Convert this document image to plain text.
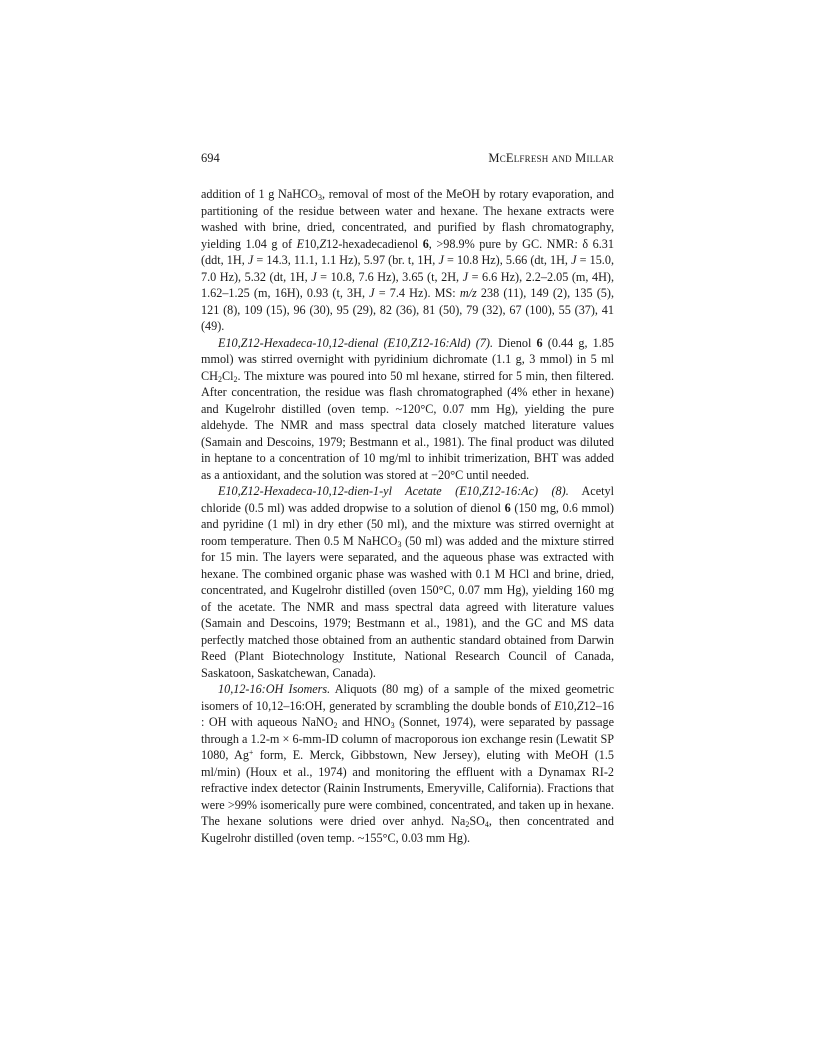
694	McElfresh and Millar

addition of 1 g NaHCO$_3$, removal of most of the MeOH by rotary evaporation, and partitioning of the residue between water and hexane. The hexane extracts were washed with brine, dried, concentrated, and purified by flash chromatography, yielding 1.04 g of E10,Z12-hexadecadienol 6, >98.9% pure by GC. NMR: δ 6.31 (ddt, 1H, J = 14.3, 11.1, 1.1 Hz), 5.97 (br. t, 1H, J = 10.8 Hz), 5.66 (dt, 1H, J = 15.0, 7.0 Hz), 5.32 (dt, 1H, J = 10.8, 7.6 Hz), 3.65 (t, 2H, J = 6.6 Hz), 2.2–2.05 (m, 4H), 1.62–1.25 (m, 16H), 0.93 (t, 3H, J = 7.4 Hz). MS: m/z 238 (11), 149 (2), 135 (5), 121 (8), 109 (15), 96 (30), 95 (29), 82 (36), 81 (50), 79 (32), 67 (100), 55 (37), 41 (49).

E10,Z12-Hexadeca-10,12-dienal (E10,Z12-16:Ald) (7). Dienol 6 (0.44 g, 1.85 mmol) was stirred overnight with pyridinium dichromate (1.1 g, 3 mmol) in 5 ml $CH_2Cl_2$. The mixture was poured into 50 ml hexane, stirred for 5 min, then filtered. After concentration, the residue was flash chromatographed (4% ether in hexane) and Kugelrohr distilled (oven temp. ~120°C, 0.07 mm Hg), yielding the pure aldehyde. The NMR and mass spectral data closely matched literature values (Samain and Descoins, 1979; Bestmann et al., 1981). The final product was diluted in heptane to a concentration of 10 mg/ml to inhibit trimerization, BHT was added as a antioxidant, and the solution was stored at −20°C until needed.

E10,Z12-Hexadeca-10,12-dien-1-yl Acetate (E10,Z12-16:Ac) (8). Acetyl chloride (0.5 ml) was added dropwise to a solution of dienol 6 (150 mg, 0.6 mmol) and pyridine (1 ml) in dry ether (50 ml), and the mixture was stirred overnight at room temperature. Then 0.5 M NaHCO$_3$ (50 ml) was added and the mixture stirred for 15 min. The layers were separated, and the aqueous phase was extracted with hexane. The combined organic phase was washed with 0.1 M HCl and brine, dried, concentrated, and Kugelrohr distilled (oven 150°C, 0.07 mm Hg), yielding 160 mg of the acetate. The NMR and mass spectral data agreed with literature values (Samain and Descoins, 1979; Bestmann et al., 1981), and the GC and MS data perfectly matched those obtained from an authentic standard obtained from Darwin Reed (Plant Biotechnology Institute, National Research Council of Canada, Saskatoon, Saskatchewan, Canada).

10,12-16:OH Isomers. Aliquots (80 mg) of a sample of the mixed geometric isomers of 10,12–16:OH, generated by scrambling the double bonds of E10,Z12–16 : OH with aqueous NaNO$_2$ and $HNO_3$ (Sonnet, 1974), were separated by passage through a 1.2-m × 6-mm-ID column of macroporous ion exchange resin (Lewatit SP 1080, Ag+ form, E. Merck, Gibbstown, New Jersey), eluting with MeOH (1.5 ml/min) (Houx et al., 1974) and monitoring the effluent with a Dynamax RI-2 refractive index detector (Rainin Instruments, Emeryville, California). Fractions that were >99% isomerically pure were combined, concentrated, and taken up in hexane. The hexane solutions were dried over anhyd. $Na_2SO_4$, then concentrated and Kugelrohr distilled (oven temp. ~155°C, 0.03 mm Hg).
